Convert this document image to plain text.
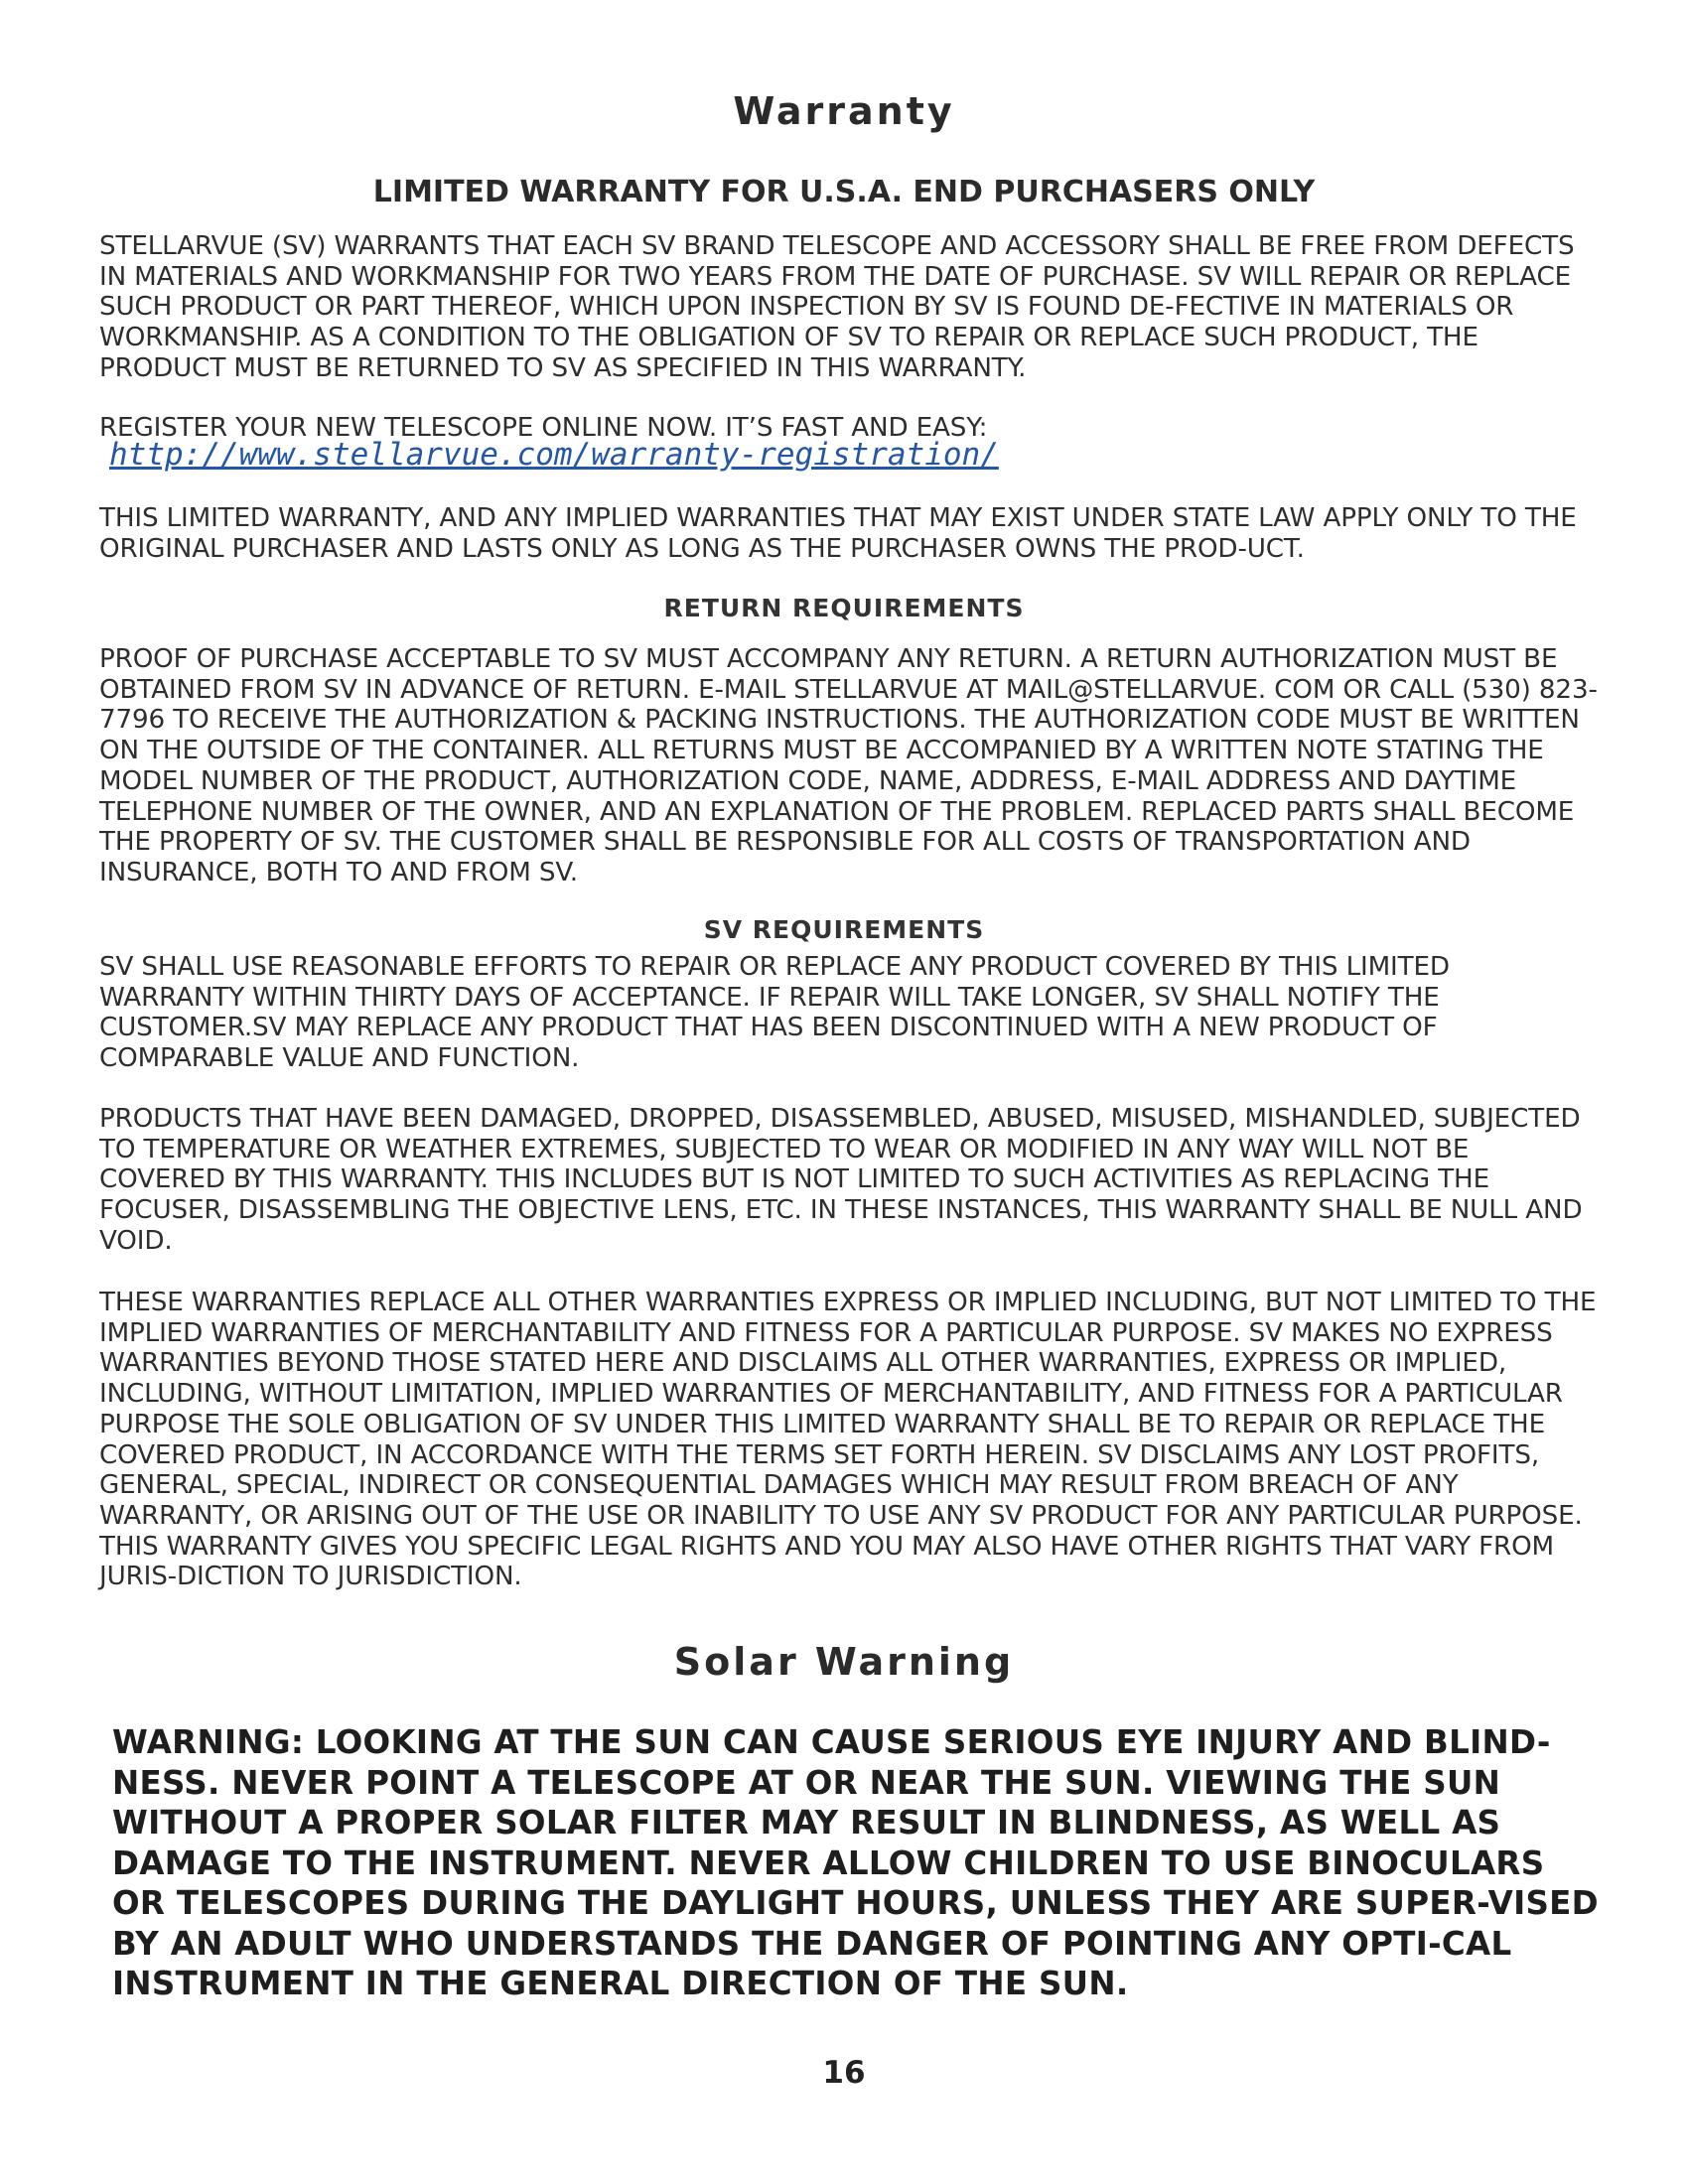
Warranty
LIMITED WARRANTY FOR U.S.A. END PURCHASERS ONLY

STELLARVUE (SV) WARRANTS THAT EACH SV BRAND TELESCOPE AND ACCESSORY SHALL BE FREE FROM DEFECTS IN MATERIALS AND WORKMANSHIP FOR TWO YEARS FROM THE DATE OF PURCHASE. SV WILL REPAIR OR REPLACE SUCH PRODUCT OR PART THEREOF, WHICH UPON INSPECTION BY SV IS FOUND DE-FECTIVE IN MATERIALS OR WORKMANSHIP. AS A CONDITION TO THE OBLIGATION OF SV TO REPAIR OR REPLACE SUCH PRODUCT, THE PRODUCT MUST BE RETURNED TO SV AS SPECIFIED IN THIS WARRANTY.

REGISTER YOUR NEW TELESCOPE ONLINE NOW. IT’S FAST AND EASY:

http://www.stellarvue.com/warranty-registration/

THIS LIMITED WARRANTY, AND ANY IMPLIED WARRANTIES THAT MAY EXIST UNDER STATE LAW APPLY ONLY TO THE ORIGINAL PURCHASER AND LASTS ONLY AS LONG AS THE PURCHASER OWNS THE PROD-UCT.

RETURN REQUIREMENTS

PROOF OF PURCHASE ACCEPTABLE TO SV MUST ACCOMPANY ANY RETURN. A RETURN AUTHORIZATION MUST BE OBTAINED FROM SV IN ADVANCE OF RETURN. E-MAIL STELLARVUE AT MAIL@STELLARVUE. COM OR CALL (530) 823-7796 TO RECEIVE THE AUTHORIZATION & PACKING INSTRUCTIONS. THE AUTHORIZATION CODE MUST BE WRITTEN ON THE OUTSIDE OF THE CONTAINER. ALL RETURNS MUST BE ACCOMPANIED BY A WRITTEN NOTE STATING THE MODEL NUMBER OF THE PRODUCT, AUTHORIZATION CODE, NAME, ADDRESS, E-MAIL ADDRESS AND DAYTIME TELEPHONE NUMBER OF THE OWNER, AND AN EXPLANATION OF THE PROBLEM. REPLACED PARTS SHALL BECOME THE PROPERTY OF SV. THE CUSTOMER SHALL BE RESPONSIBLE FOR ALL COSTS OF TRANSPORTATION AND INSURANCE, BOTH TO AND FROM SV.

SV REQUIREMENTS

SV SHALL USE REASONABLE EFFORTS TO REPAIR OR REPLACE ANY PRODUCT COVERED BY THIS LIMITED WARRANTY WITHIN THIRTY DAYS OF ACCEPTANCE. IF REPAIR WILL TAKE LONGER, SV SHALL NOTIFY THE CUSTOMER.SV MAY REPLACE ANY PRODUCT THAT HAS BEEN DISCONTINUED WITH A NEW PRODUCT OF COMPARABLE VALUE AND FUNCTION.

PRODUCTS THAT HAVE BEEN DAMAGED, DROPPED, DISASSEMBLED, ABUSED, MISUSED, MISHANDLED, SUBJECTED TO TEMPERATURE OR WEATHER EXTREMES, SUBJECTED TO WEAR OR MODIFIED IN ANY WAY WILL NOT BE COVERED BY THIS WARRANTY. THIS INCLUDES BUT IS NOT LIMITED TO SUCH ACTIVITIES AS REPLACING THE FOCUSER, DISASSEMBLING THE OBJECTIVE LENS, ETC. IN THESE INSTANCES, THIS WARRANTY SHALL BE NULL AND VOID.

THESE WARRANTIES REPLACE ALL OTHER WARRANTIES EXPRESS OR IMPLIED INCLUDING, BUT NOT LIMITED TO THE IMPLIED WARRANTIES OF MERCHANTABILITY AND FITNESS FOR A PARTICULAR PURPOSE. SV MAKES NO EXPRESS WARRANTIES BEYOND THOSE STATED HERE AND DISCLAIMS ALL OTHER WARRANTIES, EXPRESS OR IMPLIED, INCLUDING, WITHOUT LIMITATION, IMPLIED WARRANTIES OF MERCHANTABILITY, AND FITNESS FOR A PARTICULAR PURPOSE THE SOLE OBLIGATION OF SV UNDER THIS LIMITED WARRANTY SHALL BE TO REPAIR OR REPLACE THE COVERED PRODUCT, IN ACCORDANCE WITH THE TERMS SET FORTH HEREIN. SV DISCLAIMS ANY LOST PROFITS, GENERAL, SPECIAL, INDIRECT OR CONSEQUENTIAL DAMAGES WHICH MAY RESULT FROM BREACH OF ANY WARRANTY, OR ARISING OUT OF THE USE OR INABILITY TO USE ANY SV PRODUCT FOR ANY PARTICULAR PURPOSE. THIS WARRANTY GIVES YOU SPECIFIC LEGAL RIGHTS AND YOU MAY ALSO HAVE OTHER RIGHTS THAT VARY FROM JURIS-DICTION TO JURISDICTION.

Solar Warning

WARNING: LOOKING AT THE SUN CAN CAUSE SERIOUS EYE INJURY AND BLIND-NESS. NEVER POINT A TELESCOPE AT OR NEAR THE SUN. VIEWING THE SUN WITHOUT A PROPER SOLAR FILTER MAY RESULT IN BLINDNESS, AS WELL AS DAMAGE TO THE INSTRUMENT. NEVER ALLOW CHILDREN TO USE BINOCULARS OR TELESCOPES DURING THE DAYLIGHT HOURS, UNLESS THEY ARE SUPER-VISED BY AN ADULT WHO UNDERSTANDS THE DANGER OF POINTING ANY OPTI-CAL INSTRUMENT IN THE GENERAL DIRECTION OF THE SUN.

16
